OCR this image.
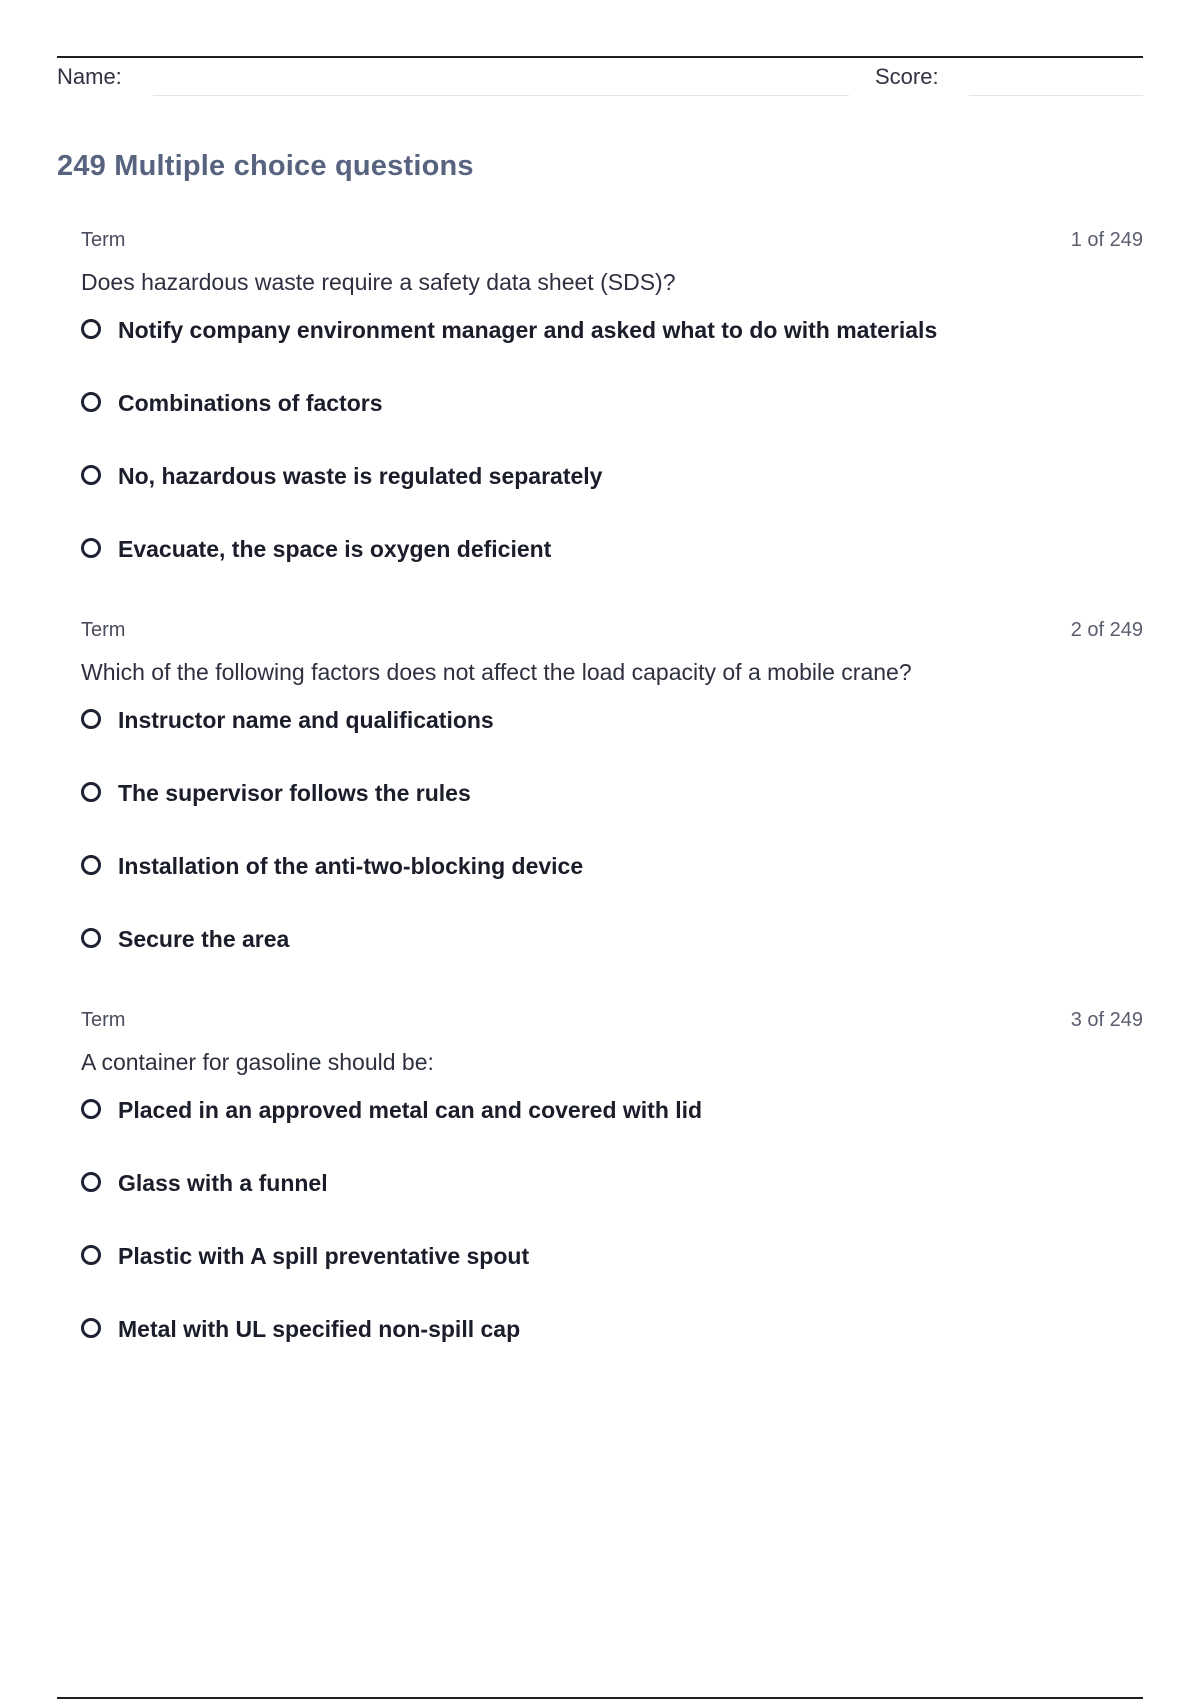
Name:	Score:
249 Multiple choice questions
Term	1 of 249
Does hazardous waste require a safety data sheet (SDS)?
Notify company environment manager and asked what to do with materials
Combinations of factors
No, hazardous waste is regulated separately
Evacuate, the space is oxygen deficient
Term	2 of 249
Which of the following factors does not affect the load capacity of a mobile crane?
Instructor name and qualifications
The supervisor follows the rules
Installation of the anti-two-blocking device
Secure the area
Term	3 of 249
A container for gasoline should be:
Placed in an approved metal can and covered with lid
Glass with a funnel
Plastic with A spill preventative spout
Metal with UL specified non-spill cap
